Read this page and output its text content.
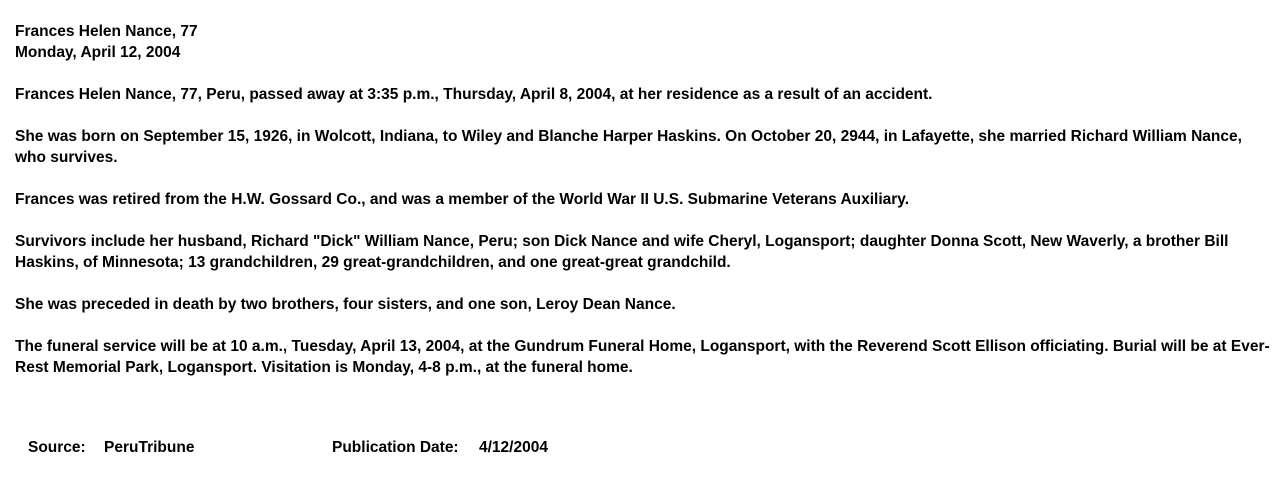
Frances Helen Nance, 77

Monday, April 12, 2004

Frances Helen Nance, 77, Peru, passed away at 3:35 p.m., Thursday, April 8, 2004, at her residence as a result of an accident.

She was born on September 15, 1926, in Wolcott, Indiana, to Wiley and Blanche Harper Haskins. On October 20, 2944, in Lafayette, she married Richard William Nance, who survives.

Frances was retired from the H.W. Gossard Co., and was a member of the World War II U.S. Submarine Veterans Auxiliary.

Survivors include her husband, Richard "Dick" William Nance, Peru; son Dick Nance and wife Cheryl, Logansport; daughter Donna Scott, New Waverly, a brother Bill Haskins, of Minnesota; 13 grandchildren, 29 great-grandchildren, and one great-great grandchild.

She was preceded in death by two brothers, four sisters, and one son, Leroy Dean Nance.

The funeral service will be at 10 a.m., Tuesday, April 13, 2004, at the Gundrum Funeral Home, Logansport, with the Reverend Scott Ellison officiating. Burial will be at Ever-Rest Memorial Park, Logansport. Visitation is Monday, 4-8 p.m., at the funeral home.

Source: PeruTribune	Publication Date: 4/12/2004
